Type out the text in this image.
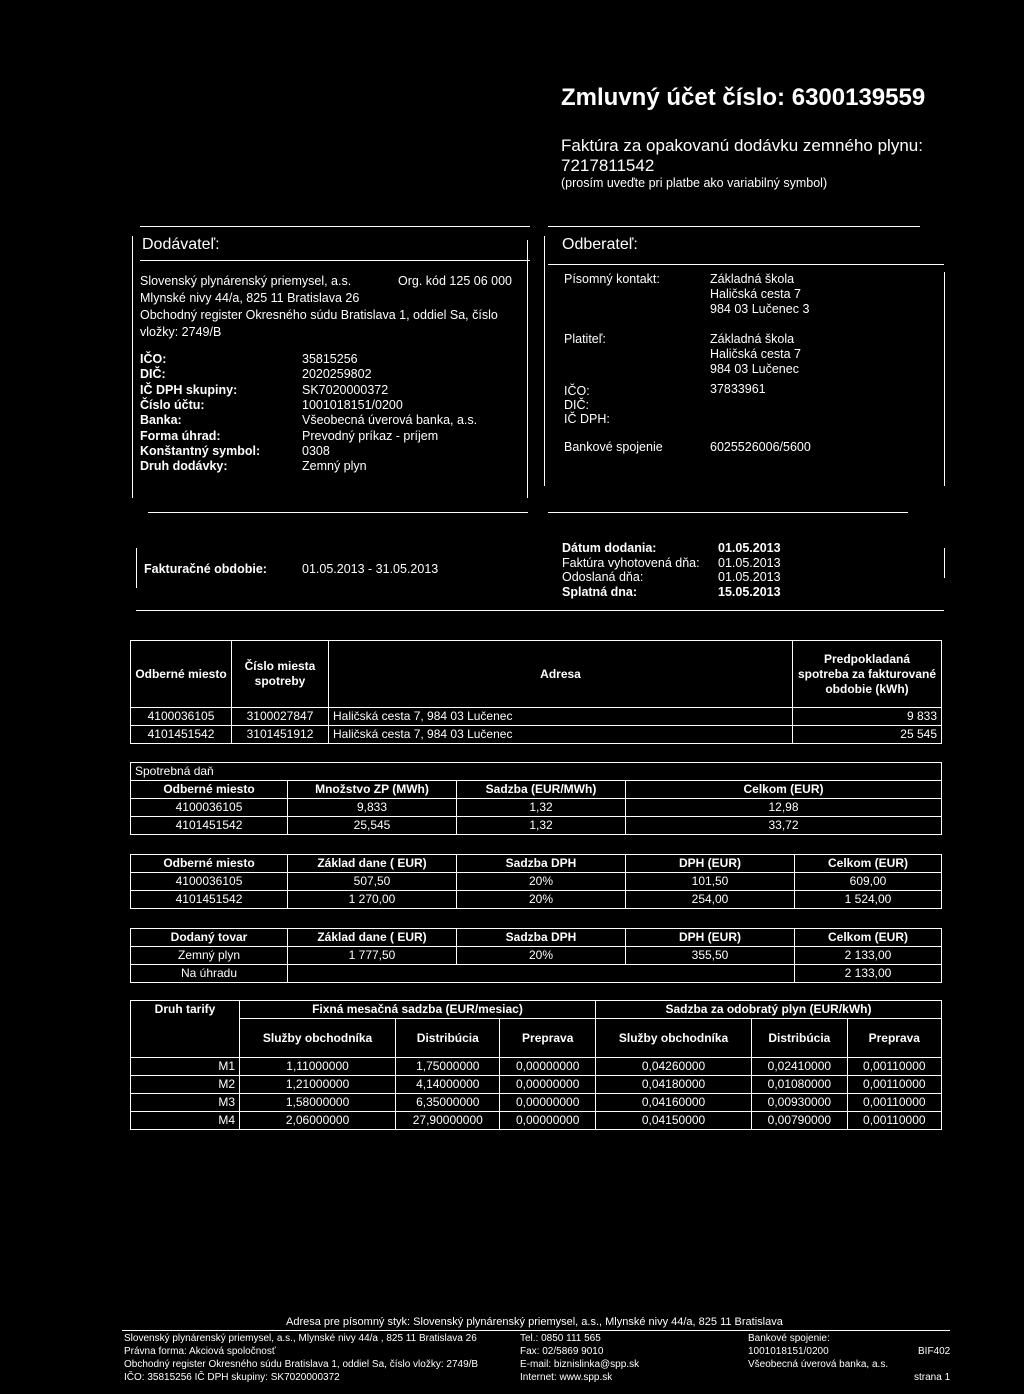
Zmluvný účet číslo: 6300139559
Faktúra za opakovanú dodávku zemného plynu:
7217811542
(prosím uveďte pri platbe ako variabilný symbol)
Dodávateľ:
Slovenský plynárenský priemysel, a.s.	Org. kód 125 06 000
Mlynské nivy 44/a, 825 11 Bratislava 26
Obchodný register Okresného súdu Bratislava 1, oddiel Sa, číslo
vložky: 2749/B
IČO:	35815256
DIČ:	2020259802
IČ DPH skupiny:	SK7020000372
Číslo účtu:	1001018151/0200
Banka:	Všeobecná úverová banka, a.s.
Forma úhrad:	Prevodný príkaz - príjem
Konštantný symbol:	0308
Druh dodávky:	Zemný plyn
Odberateľ:
Písomný kontakt:	Základná škola
Haličská cesta 7
984 03 Lučenec 3
Platiteľ:	Základná škola
Haličská cesta 7
984 03 Lučenec
IČO:	37833961
DIČ:
IČ DPH:
Bankové spojenie	6025526006/5600
Fakturačné obdobie:	01.05.2013 - 31.05.2013
Dátum dodania:	01.05.2013
Faktúra vyhotovená dňa: 01.05.2013
Odoslaná dňa:	01.05.2013
Splatná dna:	15.05.2013
Odberné miesto	Číslo miesta spotreby	Adresa	Predpokladaná spotreba za fakturované obdobie (kWh)
4100036105	3100027847	Haličská cesta 7, 984 03 Lučenec	9 833
4101451542	3101451912	Haličská cesta 7, 984 03 Lučenec	25 545
Spotrebná daň			
Odberné miesto	Množstvo ZP (MWh)	Sadzba (EUR/MWh)	Celkom (EUR)
4100036105	9,833	1,32	12,98
4101451542	25,545	1,32	33,72
Odberné miesto	Základ dane ( EUR)	Sadzba DPH	DPH (EUR)	Celkom (EUR)
4100036105	507,50	20%	101,50	609,00
4101451542	1 270,00	20%	254,00	1 524,00
Dodaný tovar	Základ dane ( EUR)	Sadzba DPH	DPH (EUR)	Celkom (EUR)
Zemný plyn	1 777,50	20%	355,50	2 133,00
Na úhradu				2 133,00
Druh tarify	Fixná mesačná sadzba (EUR/mesiac)			Sadzba za odobratý plyn (EUR/kWh)		
	Služby obchodníka	Distribúcia	Preprava	Služby obchodníka	Distribúcia	Preprava
M1	1,11000000	1,75000000	0,00000000	0,04260000	0,02410000	0,00110000
M2	1,21000000	4,14000000	0,00000000	0,04180000	0,01080000	0,00110000
M3	1,58000000	6,35000000	0,00000000	0,04160000	0,00930000	0,00110000
M4	2,06000000	27,90000000	0,00000000	0,04150000	0,00790000	0,00110000
Adresa pre písomný styk: Slovenský plynárenský priemysel, a.s., Mlynské nivy 44/a, 825 11 Bratislava
Slovenský plynárenský priemysel, a.s., Mlynské nivy 44/a , 825 11 Bratislava 26
Právna forma: Akciová spoločnosť
Obchodný register Okresného súdu Bratislava 1, oddiel Sa, číslo vložky: 2749/B
IČO: 35815256 IČ DPH skupiny: SK7020000372
Tel.: 0850 111 565
Fax: 02/5869 9010
E-mail: biznislinka@spp.sk
Internet: www.spp.sk
Bankové spojenie:
1001018151/0200
Všeobecná úverová banka, a.s.
BIF402
strana 1
